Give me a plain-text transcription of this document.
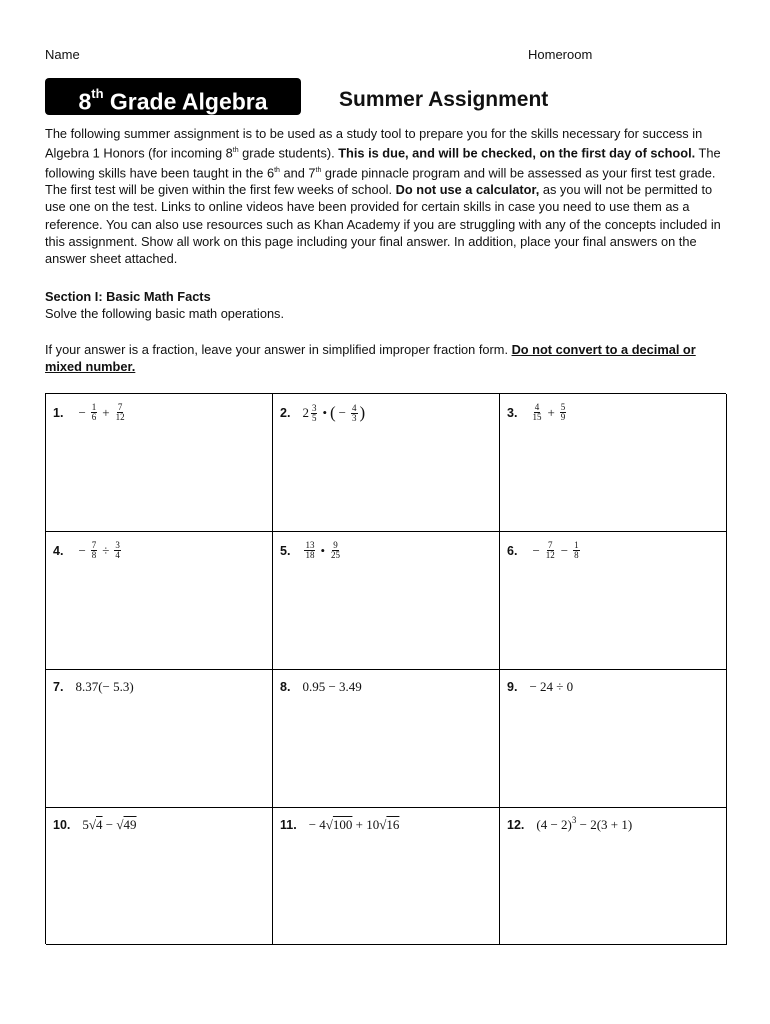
Name	Homeroom
8th Grade Algebra	Summer Assignment
The following summer assignment is to be used as a study tool to prepare you for the skills necessary for success in Algebra 1 Honors (for incoming 8th grade students). This is due, and will be checked, on the first day of school. The following skills have been taught in the 6th and 7th grade pinnacle program and will be assessed as your first test grade. The first test will be given within the first few weeks of school. Do not use a calculator, as you will not be permitted to use one on the test. Links to online videos have been provided for certain skills in case you need to use them as a reference. You can also use resources such as Khan Academy if you are struggling with any of the concepts included in this assignment. Show all work on this page including your final answer. In addition, place your final answers on the answer sheet attached.
Section I: Basic Math Facts
Solve the following basic math operations.
If your answer is a fraction, leave your answer in simplified improper fraction form. Do not convert to a decimal or mixed number.
1. − $\frac{1}{6} + \frac{7}{12}$	2. $2 \frac{3}{5}$ • ( − $\frac{4}{3}$ )	3. $\frac{4}{15} + \frac{5}{9}$
4. − $\frac{7}{8} \div \frac{3}{4}$	5. $\frac{13}{18}$ • $\frac{9}{25}$	6. − $\frac{7}{12} - \frac{1}{8}$
7. 8.37(− 5.3)	8. 0.95 − 3.49	9. − 24 ÷ 0
10. 5 √ 4 − √ 49	11. − 4 √ 100 + 10 √ 16	12. (4 − 2) 3 − 2(3 + 1)
